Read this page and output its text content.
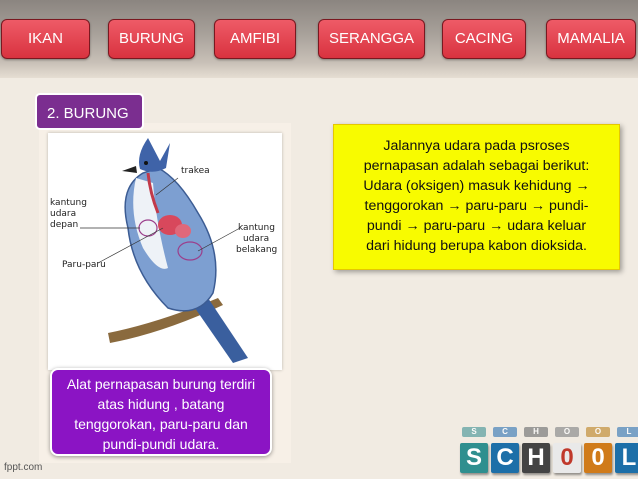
IKAN	BURUNG	AMFIBI	SERANGGA	CACING	MAMALIA
2. BURUNG
trakea
kantung
udara
depan
Paru-paru
kantung
udara
belakang
Jalannya udara pada psroses
pernapasan adalah sebagai berikut:
Udara (oksigen) masuk kehidung →
tenggorokan → paru-paru → pundi-
pundi → paru-paru → udara keluar
dari hidung berupa kabon dioksida.
Alat pernapasan burung terdiri
atas hidung , batang
tenggorokan, paru-paru dan
pundi-pundi udara.
S	C	H	O	O	L
S C H 0 0 L
fppt.com
